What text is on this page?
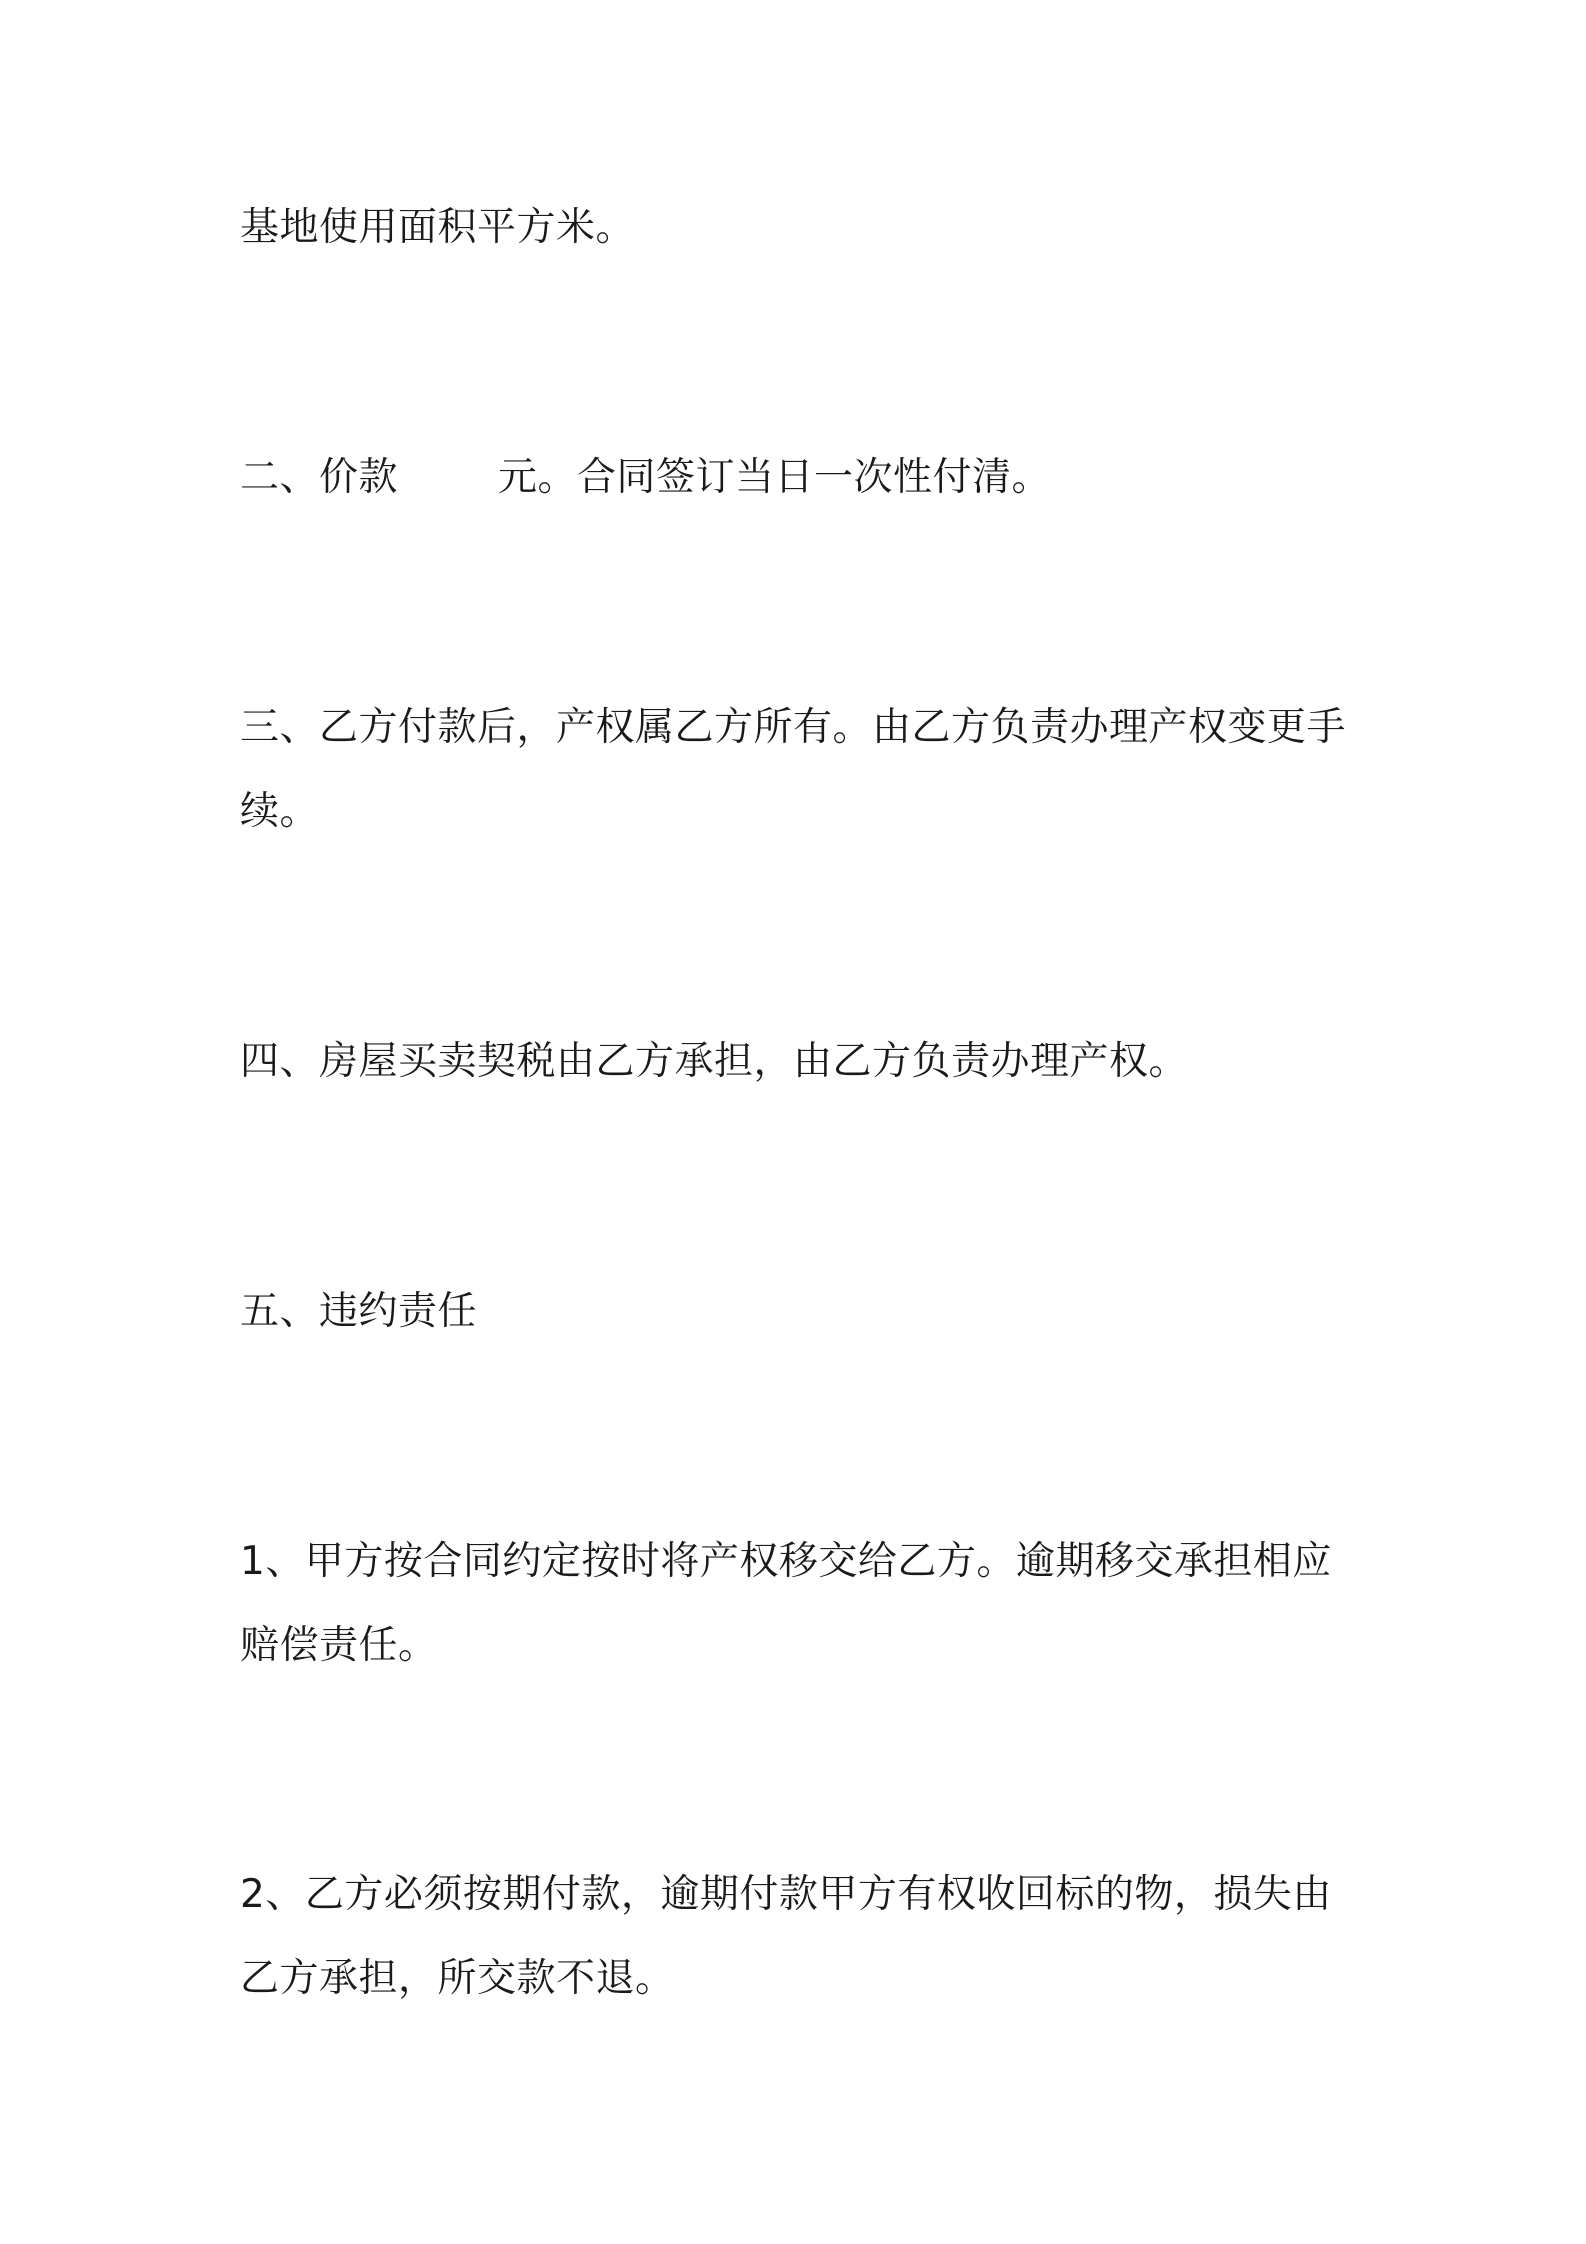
基地使用面积平方米。

二、价款	元。合同签订当日一次性付清。

三、乙方付款后，产权属乙方所有。由乙方负责办理产权变更手续。

四、房屋买卖契税由乙方承担，由乙方负责办理产权。

五、违约责任

1、甲方按合同约定按时将产权移交给乙方。逾期移交承担相应赔偿责任。

2、乙方必须按期付款，逾期付款甲方有权收回标的物，损失由乙方承担，所交款不退。
